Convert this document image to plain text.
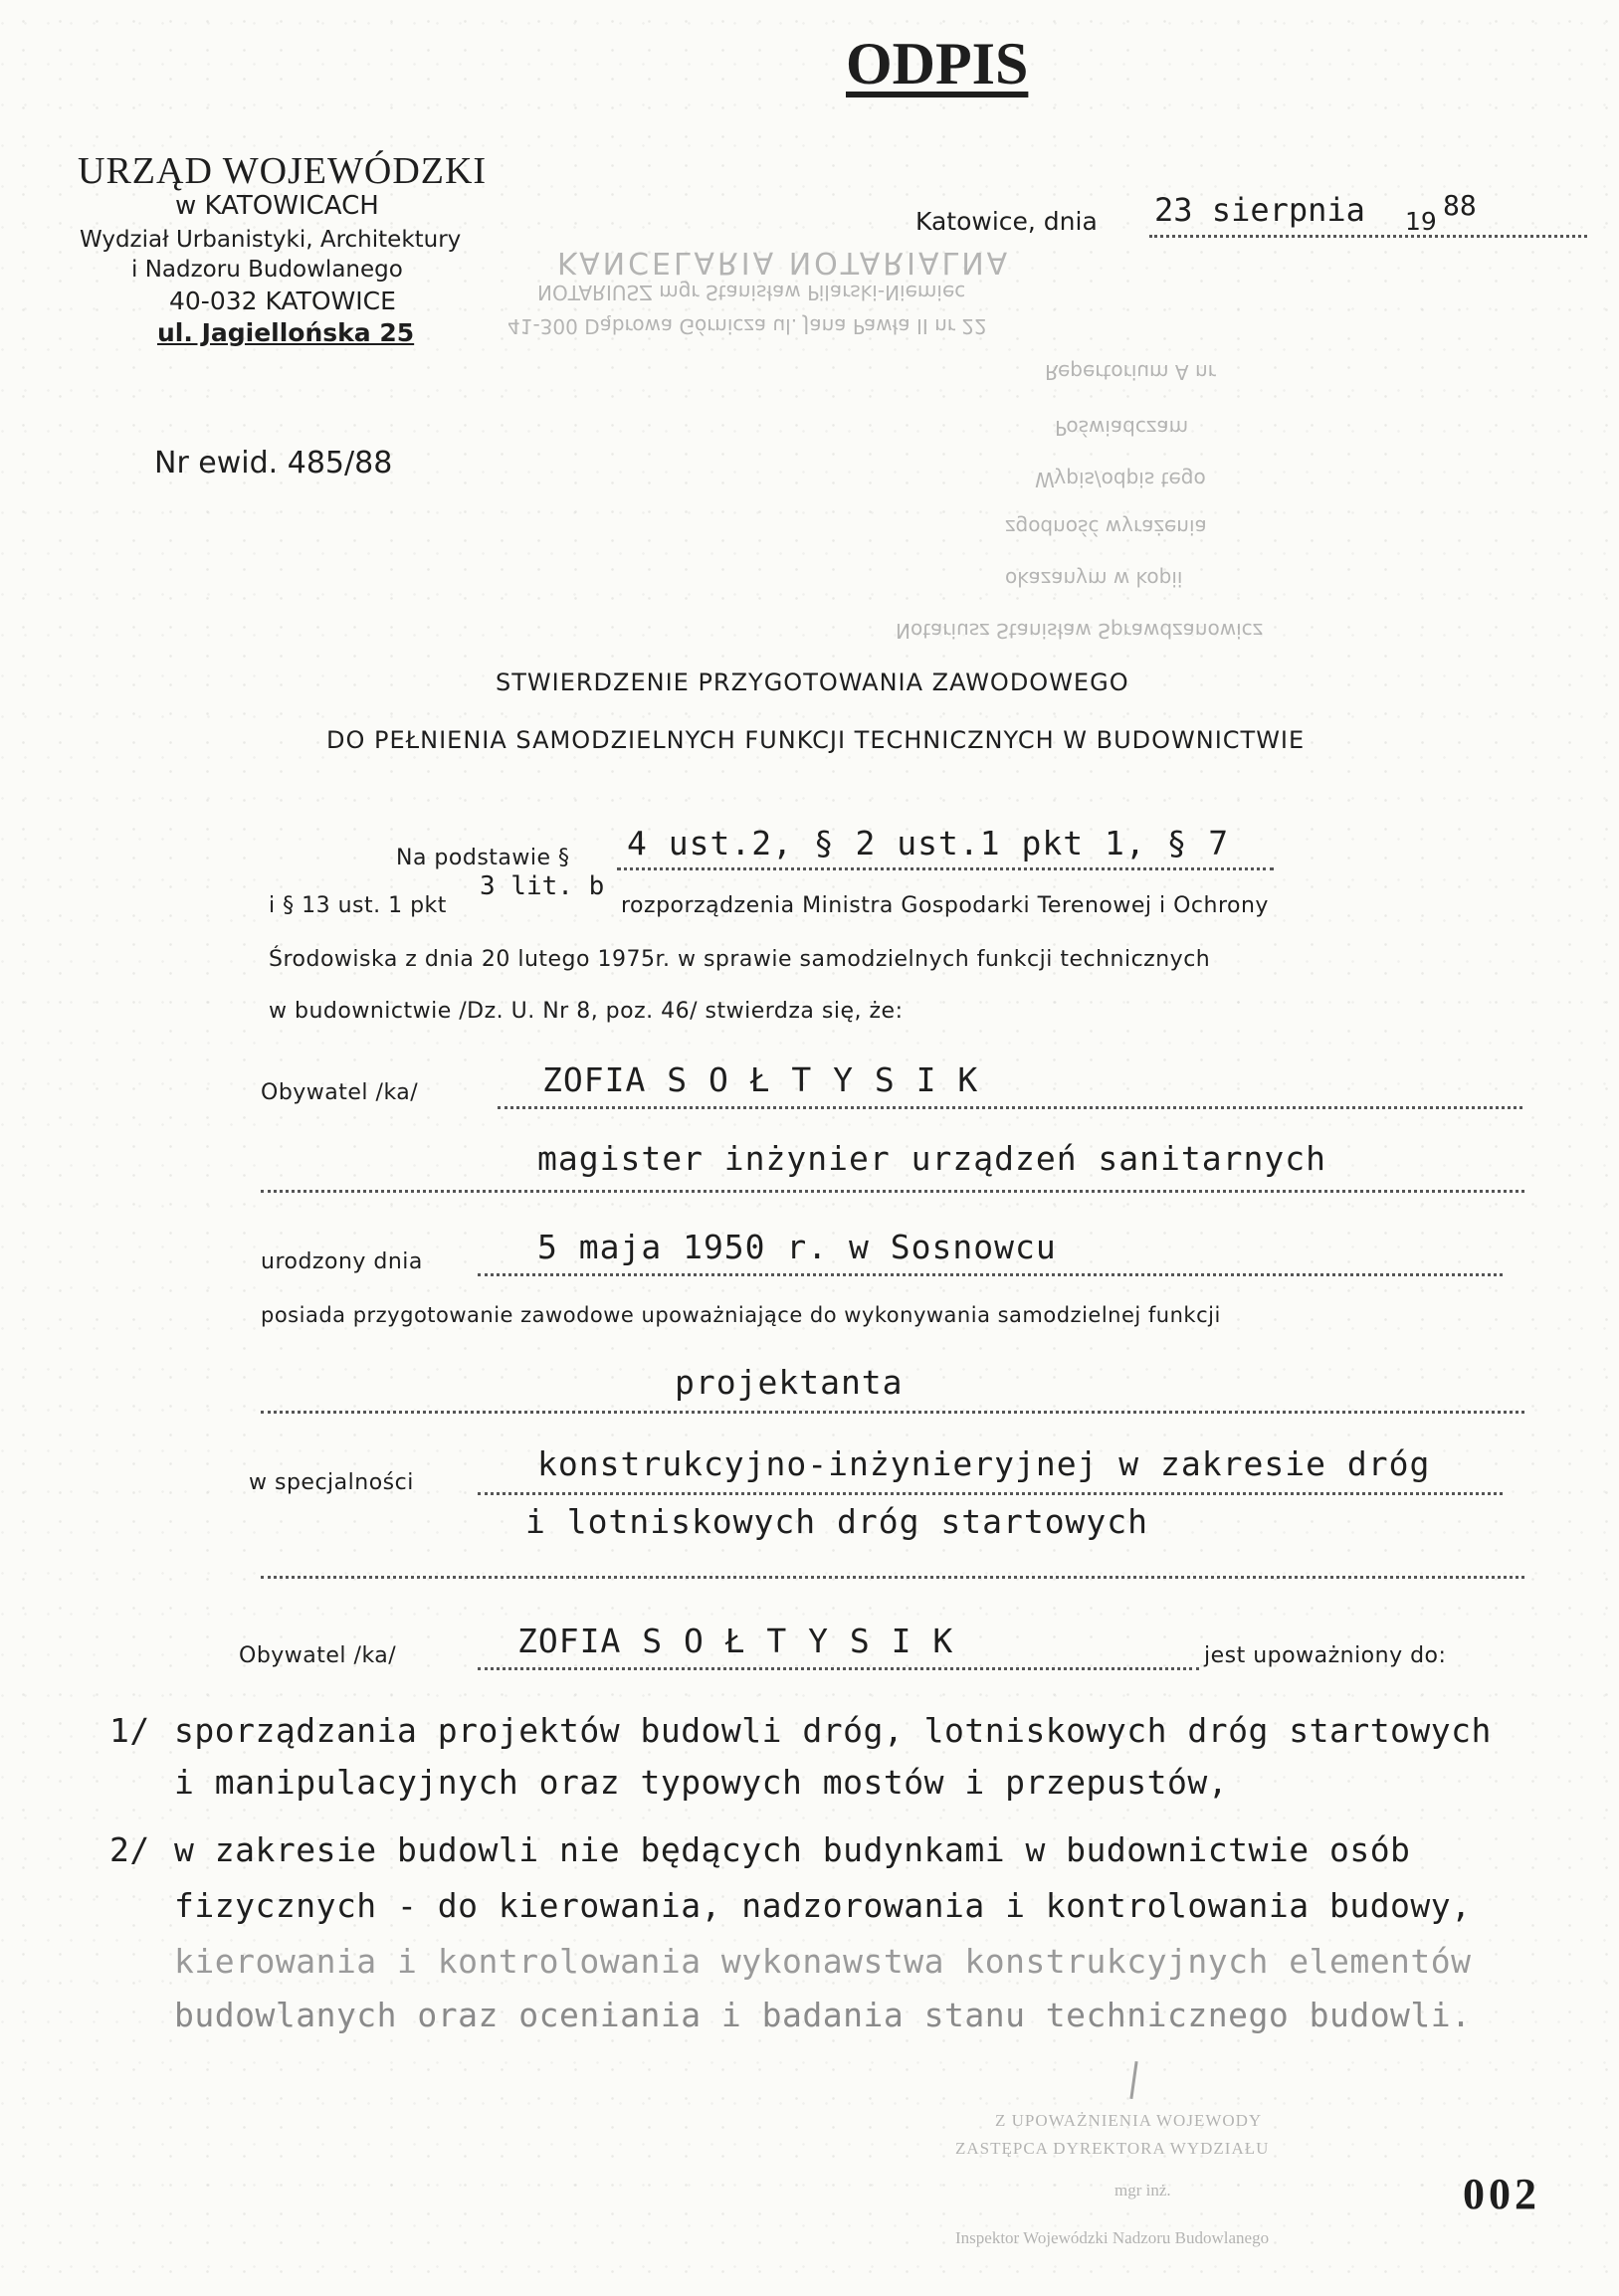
ODPIS
URZĄD WOJEWÓDZKI
w KATOWICACH
Wydział Urbanistyki, Architektury
i Nadzoru Budowlanego
40-032 KATOWICE
ul. Jagiellońska 25
Katowice, dnia 23 sierpnia 19 88
KANCELARIA NOTARIALNA
NOTARIUSZ mgr Stanisław Pilarski-Niemiec
41-300 Dąbrowa Górnicza ul. Jana Pawła II nr 22
Repertorium A nr
Poświadczam
Wypis/odpis tego
zgodność wyrażenia
okazanym w kopii
Notariusz Stanisław Sprawdzanowicz
Nr ewid. 485/88
STWIERDZENIE PRZYGOTOWANIA ZAWODOWEGO
DO PEŁNIENIA SAMODZIELNYCH FUNKCJI TECHNICZNYCH W BUDOWNICTWIE
Na podstawie § 4 ust.2, § 2 ust.1 pkt 1, § 7
i § 13 ust. 1 pkt
3 lit. b
rozporządzenia Ministra Gospodarki Terenowej i Ochrony
Środowiska z dnia 20 lutego 1975r. w sprawie samodzielnych funkcji technicznych
w budownictwie /Dz. U. Nr 8, poz. 46/ stwierdza się, że:
Obywatel /ka/	ZOFIA S O Ł T Y S I K
magister inżynier urządzeń sanitarnych
urodzony dnia	5 maja 1950 r. w Sosnowcu
posiada przygotowanie zawodowe upoważniające do wykonywania samodzielnej funkcji
projektanta
w specjalności	konstrukcyjno-inżynieryjnej w zakresie dróg
i lotniskowych dróg startowych
Obywatel /ka/	ZOFIA S O Ł T Y S I K	jest upoważniony do:
1/ sporządzania projektów budowli dróg, lotniskowych dróg startowych
i manipulacyjnych oraz typowych mostów i przepustów,
2/ w zakresie budowli nie będących budynkami w budownictwie osób
fizycznych - do kierowania, nadzorowania i kontrolowania budowy,
kierowania i kontrolowania wykonawstwa konstrukcyjnych elementów
budowlanych oraz oceniania i badania stanu technicznego budowli.
Z UPOWAŻNIENIA WOJEWODY
ZASTĘPCA DYREKTORA WYDZIAŁU
mgr inż.
Inspektor Wojewódzki Nadzoru Budowlanego
002
